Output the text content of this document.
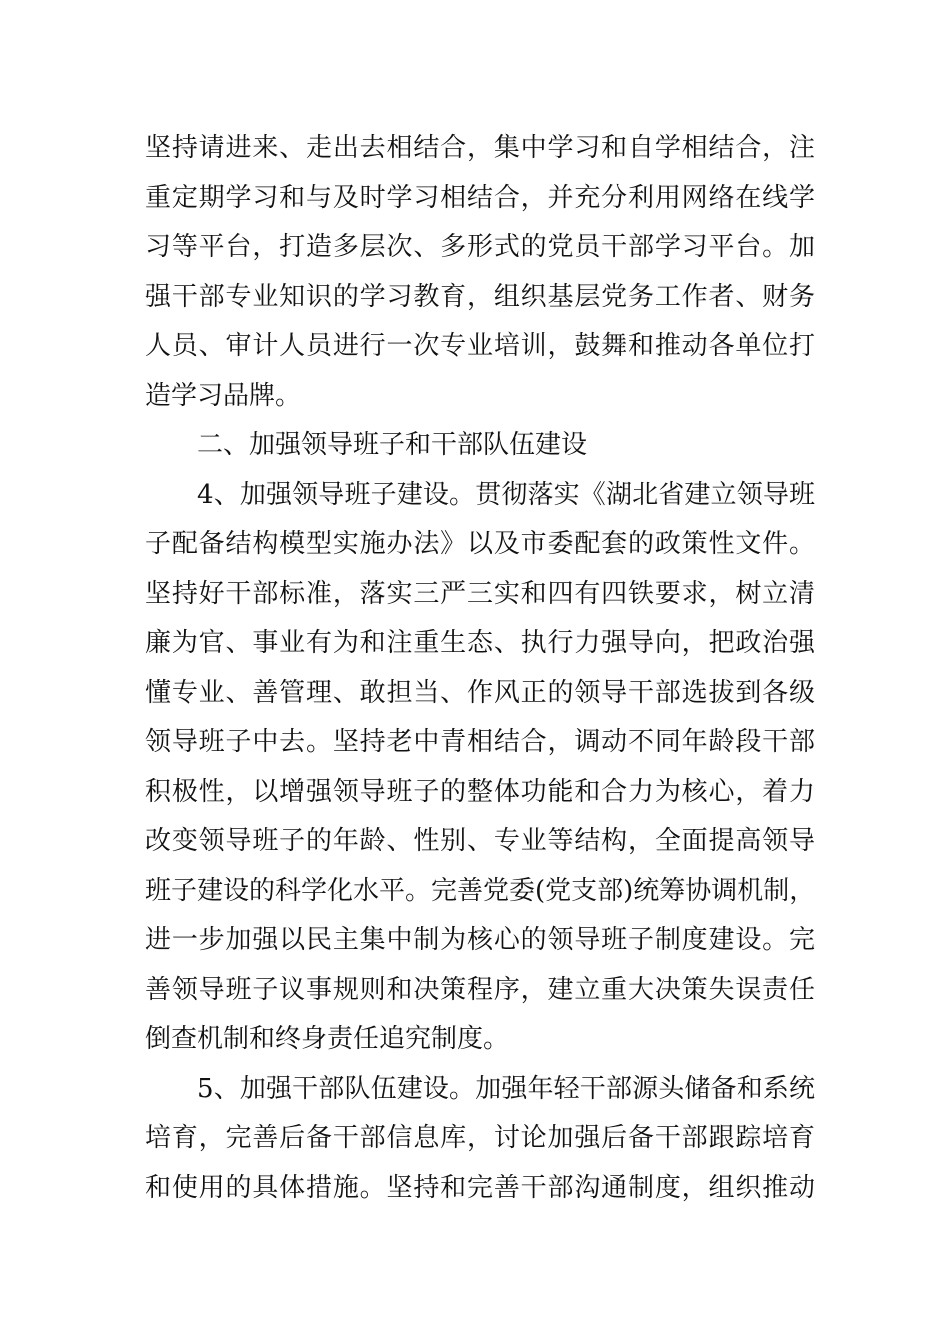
坚持请进来、走出去相结合，集中学习和自学相结合，注
重定期学习和与及时学习相结合，并充分利用网络在线学
习等平台，打造多层次、多形式的党员干部学习平台。加
强干部专业知识的学习教育，组织基层党务工作者、财务
人员、审计人员进行一次专业培训，鼓舞和推动各单位打
造学习品牌。
二、加强领导班子和干部队伍建设
4、加强领导班子建设。贯彻落实《湖北省建立领导班
子配备结构模型实施办法》以及市委配套的政策性文件。
坚持好干部标准，落实三严三实和四有四铁要求，树立清
廉为官、事业有为和注重生态、执行力强导向，把政治强
懂专业、善管理、敢担当、作风正的领导干部选拔到各级
领导班子中去。坚持老中青相结合，调动不同年龄段干部
积极性，以增强领导班子的整体功能和合力为核心，着力
改变领导班子的年龄、性别、专业等结构，全面提高领导
班子建设的科学化水平。完善党委(党支部)统筹协调机制，
进一步加强以民主集中制为核心的领导班子制度建设。完
善领导班子议事规则和决策程序，建立重大决策失误责任
倒查机制和终身责任追究制度。
5、加强干部队伍建设。加强年轻干部源头储备和系统
培育，完善后备干部信息库，讨论加强后备干部跟踪培育
和使用的具体措施。坚持和完善干部沟通制度，组织推动
